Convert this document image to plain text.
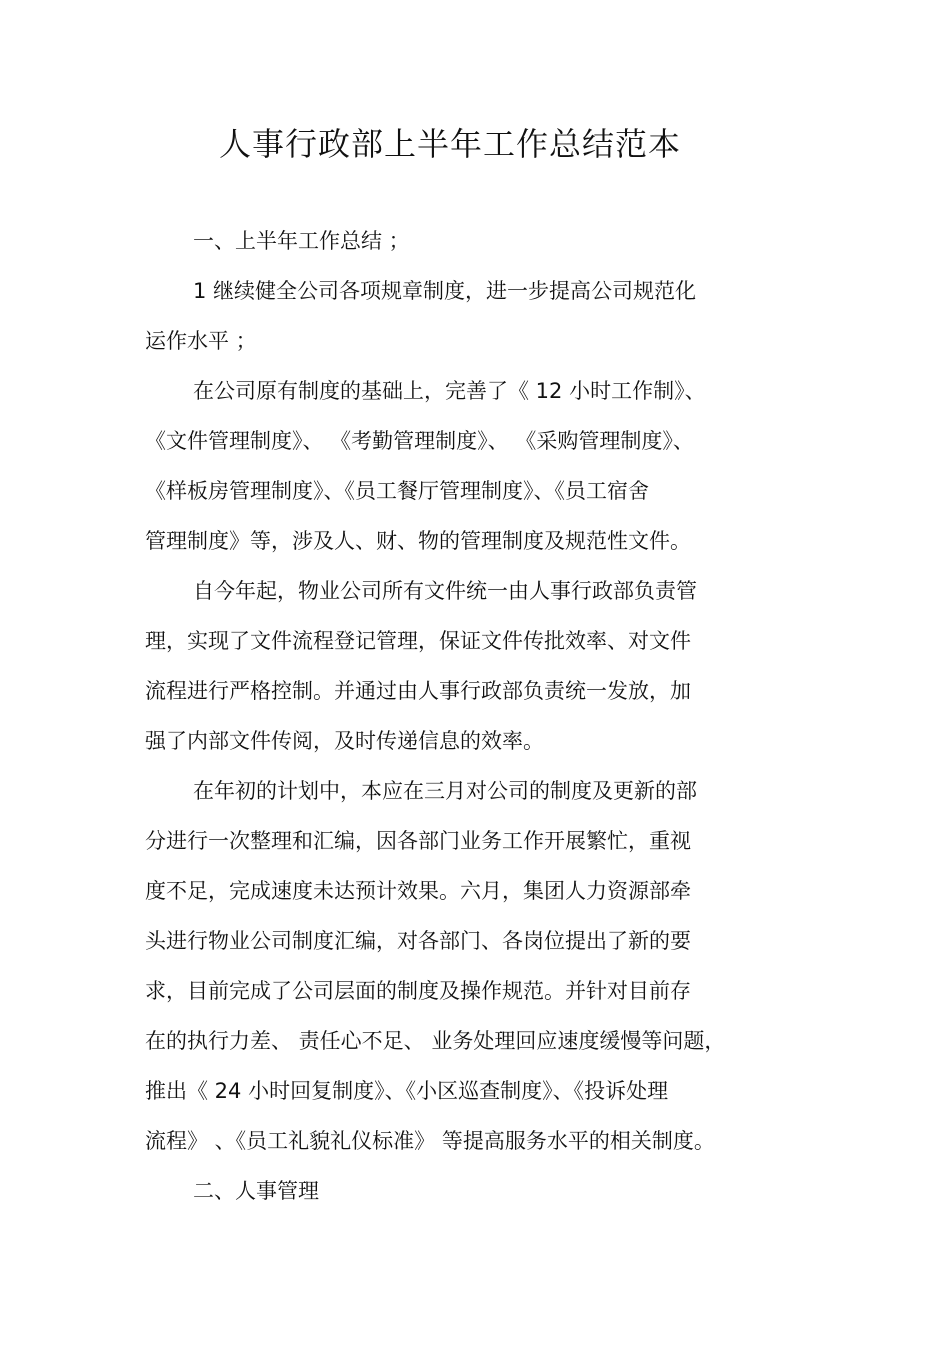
人事行政部上半年工作总结范本
一、上半年工作总结 ；
1 继续健全公司各项规章制度，进一步提高公司规范化
运作水平 ；
在公司原有制度的基础上，完善了《 12 小时工作制》、
《文件管理制度》、 《考勤管理制度》、 《采购管理制度》、
《样板房管理制度》、《员工餐厅管理制度》、《员工宿舍
管理制度》等，涉及人、财、物的管理制度及规范性文件。
自今年起，物业公司所有文件统一由人事行政部负责管
理，实现了文件流程登记管理，保证文件传批效率、对文件
流程进行严格控制。并通过由人事行政部负责统一发放，加
强了内部文件传阅，及时传递信息的效率。
在年初的计划中，本应在三月对公司的制度及更新的部
分进行一次整理和汇编，因各部门业务工作开展繁忙，重视
度不足，完成速度未达预计效果。六月，集团人力资源部牵
头进行物业公司制度汇编，对各部门、各岗位提出了新的要
求，目前完成了公司层面的制度及操作规范。并针对目前存
在的执行力差、 责任心不足、 业务处理回应速度缓慢等问题，
推出《 24 小时回复制度》、《小区巡查制度》、《投诉处理
流程》 、《员工礼貌礼仪标准》 等提高服务水平的相关制度。
二、人事管理
